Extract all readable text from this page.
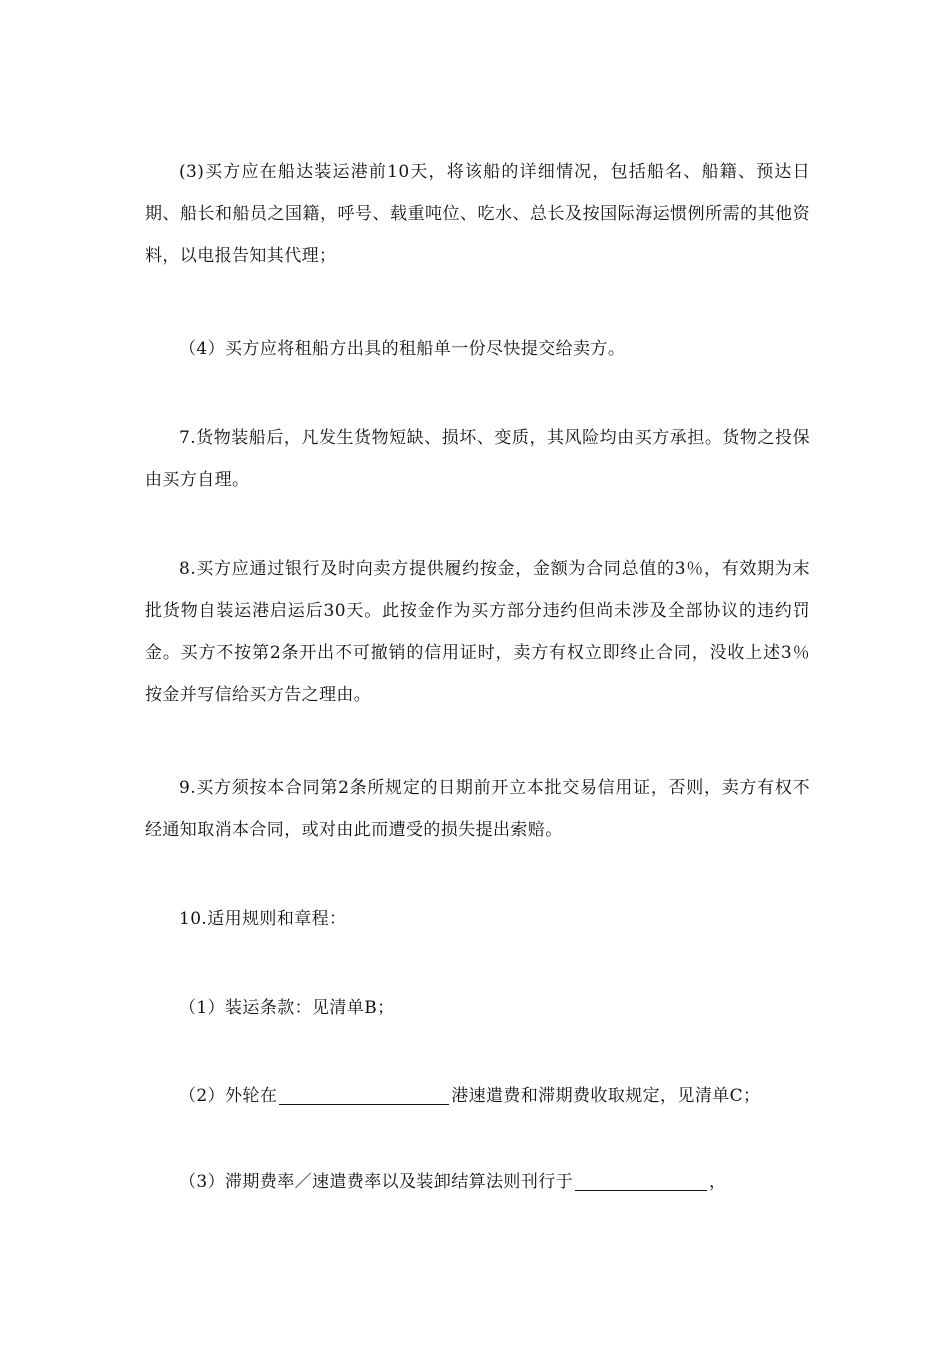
(3)买方应在船达装运港前10天，将该船的详细情况，包括船名、船籍、预达日期、船长和船员之国籍，呼号、载重吨位、吃水、总长及按国际海运惯例所需的其他资料，以电报告知其代理；

（4）买方应将租船方出具的租船单一份尽快提交给卖方。

7.货物装船后，凡发生货物短缺、损坏、变质，其风险均由买方承担。货物之投保由买方自理。

8.买方应通过银行及时向卖方提供履约按金，金额为合同总值的3％，有效期为末批货物自装运港启运后30天。此按金作为买方部分违约但尚未涉及全部协议的违约罚金。买方不按第2条开出不可撤销的信用证时，卖方有权立即终止合同，没收上述3％按金并写信给买方告之理由。

9.买方须按本合同第2条所规定的日期前开立本批交易信用证，否则，卖方有权不经通知取消本合同，或对由此而遭受的损失提出索赔。

10.适用规则和章程：

（1）装运条款：见清单B；

（2）外轮在	港速遣费和滞期费收取规定，见清单C；

（3）滞期费率／速遣费率以及装卸结算法则刊行于	，
